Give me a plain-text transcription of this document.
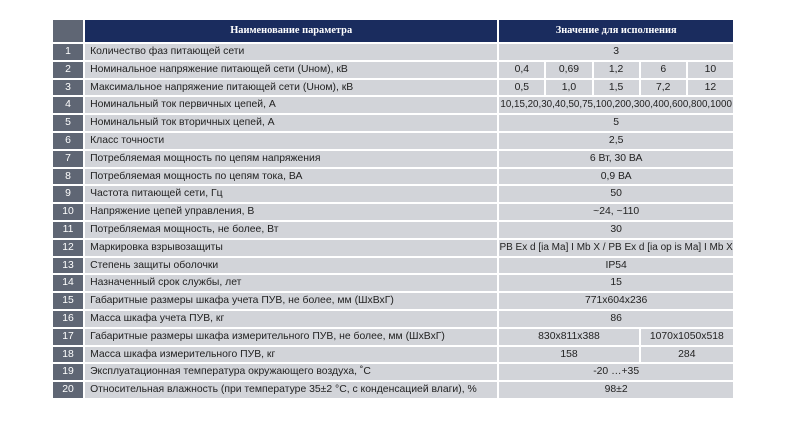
	Наименование параметра	Значение для исполнения				
1	Количество фаз питающей сети	3				
2	Номинальное напряжение питающей сети (Uном), кВ	0,4	0,69	1,2	6	10
3	Максимальное напряжение питающей сети (Uном), кВ	0,5	1,0	1,5	7,2	12
4	Номинальный ток первичных цепей, А	10,15,20,30,40,50,75,100,200,300,400,600,800,1000				
5	Номинальный ток вторичных цепей, А	5				
6	Класс точности	2,5				
7	Потребляемая мощность по цепям напряжения	6 Вт, 30 ВА				
8	Потребляемая мощность по цепям тока, ВА	0,9 ВА				
9	Частота питающей сети, Гц	50				
10	Напряжение цепей управления, В	~24, ~110				
11	Потребляемая мощность, не более, Вт	30				
12	Маркировка взрывозащиты	PB Ex d [ia Ma] I Mb X / PB Ex d [ia op is Ma] I Mb X				
13	Степень защиты оболочки	IP54				
14	Назначенный срок службы, лет	15				
15	Габаритные размеры шкафа учета ПУВ, не более, мм (ШхВхГ)	771х604х236				
16	Масса шкафа учета ПУВ, кг	86				
17	Габаритные размеры шкафа измерительного ПУВ, не более, мм (ШхВхГ)	830х811х388			1070х1050х518	
18	Масса шкафа измерительного ПУВ, кг	158			284	
19	Эксплуатационная температура окружающего воздуха, ˚С	-20 …+35				
20	Относительная влажность (при температуре 35±2 °С, с конденсацией влаги), %	98±2				
